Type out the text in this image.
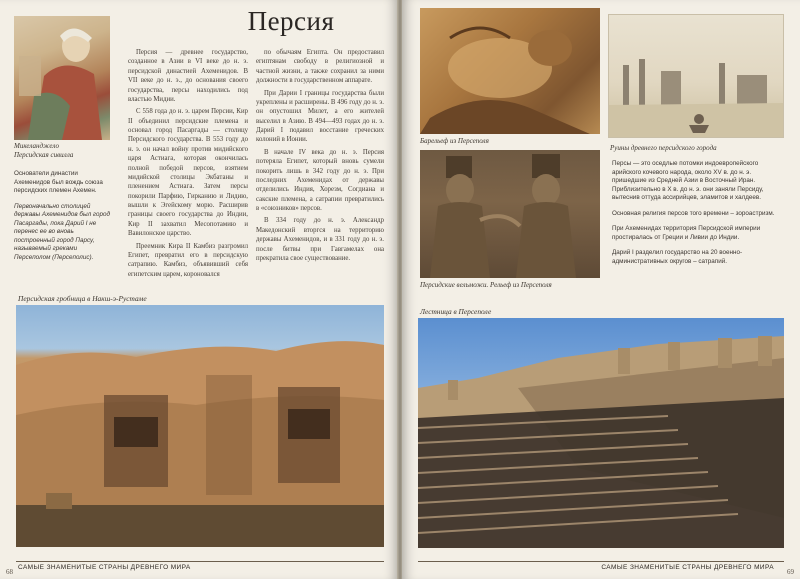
Микеланджело
Персидская сивилла

Основатели династии Ахеменидов был вождь союза персидских племен Ахемен.

Первоначально столицей державы Ахеменидов был город Пасаргады, пока Дарий I не перенес ее во вновь построенный город Парсу, называемый греками Персеполом (Персеполис).

Персия

Персия — древнее государство, созданное в Азии в VI веке до н. э. персидской династией Ахеменидов. В VII веке до н. э., до основания своего государства, персы находились под властью Мидии.

С 558 года до н. э. царем Персии, Кир II объединил персидские племена и основал город Пасаргады — столицу Персидского государства. В 553 году до н. э. он начал войну против мидийского царя Астиага, которая окончилась полной победой персов, взятием мидийской столицы Экбатаны и пленением Астиага. Затем персы покорили Парфию, Гирканию и Лидию, вышли к Эгейскому морю. Расширив границы своего государства до Индии, Кир II захватил Месопотамию и Вавилонское царство.

Преемник Кира II Камбиз разгромил Египет, превратил его в персидскую сатрапию. Камбиз, объявивший себя египетским царем, короновался

по обычаям Египта. Он предоставил египтянам свободу в религиозной и частной жизни, а также сохранил за ними должности в государственном аппарате.

При Дарии I границы государства были укреплены и расширены. В 496 году до н. э. он опустошил Милет, а его жителей выселил в Азию. В 494—493 годах до н. э. Дарий I подавил восстание греческих колоний в Ионии.

В начале IV века до н. э. Персия потеряла Египет, который вновь сумели покорить лишь в 342 году до н. э. При последних Ахеменидах от державы отделились Индия, Хорезм, Согдиана и сакские племена, а сатрапии превратились в «союзников» персов.

В 334 году до н. э. Александр Македонский вторгся на территорию державы Ахеменидов, и в 331 году до н. э. после битвы при Гавгамелах она прекратила свое существование.

Персидская гробница в Накш-э-Рустаме
САМЫЕ ЗНАМЕНИТЫЕ СТРАНЫ ДРЕВНЕГО МИРА
68
Барельеф из Персеполя
Руины древнего персидского города
Персидские вельможи. Рельеф из Персеполя

Персы — это оседлые потомки индоевропейского арийского кочевого народа, около XV в. до н. э. пришедшие из Средней Азии в Восточный Иран. Приблизительно в X в. до н. э. они заняли Персиду, вытеснив оттуда ассирийцев, эламитов и халдеев.

Основная религия персов того времени – зороастризм.

При Ахеменидах территория Персидской империи простиралась от Греции и Ливии до Индии.

Дарий I разделил государство на 20 военно-административных округов – сатрапий.

Лестница в Персеполе
САМЫЕ ЗНАМЕНИТЫЕ СТРАНЫ ДРЕВНЕГО МИРА
69
